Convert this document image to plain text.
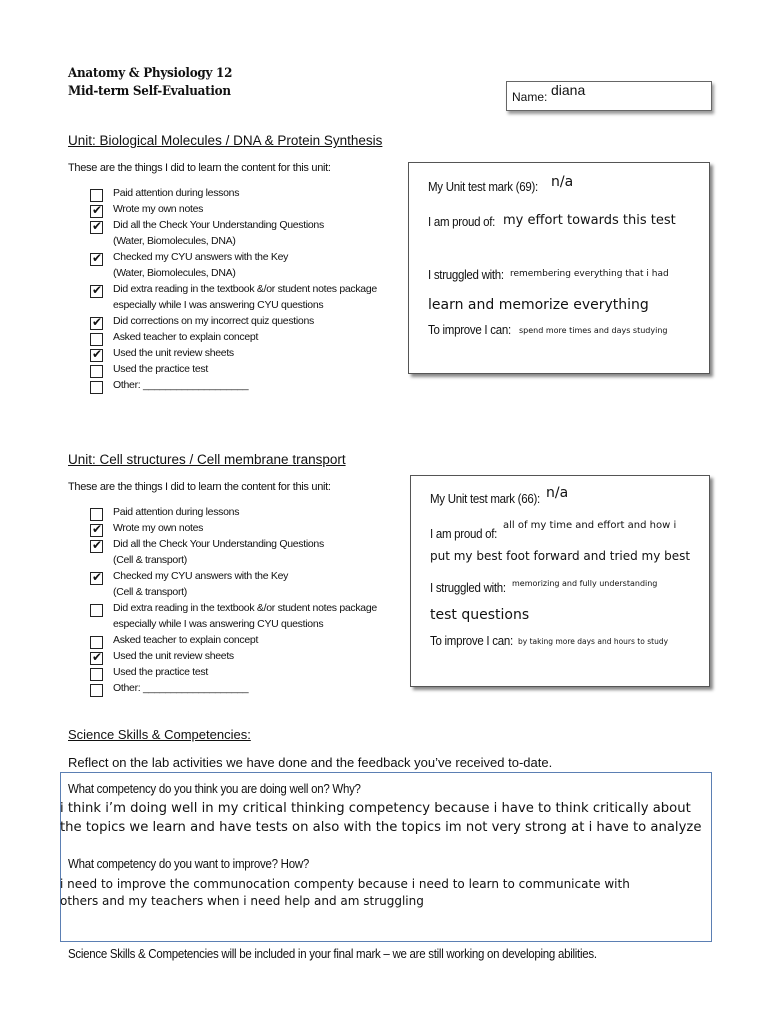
Anatomy & Physiology 12
Mid-term Self-Evaluation	Name: diana
Unit: Biological Molecules / DNA & Protein Synthesis
These are the things I did to learn the content for this unit:
Paid attention during lessons
✔ Wrote my own notes
✔ Did all the Check Your Understanding Questions
(Water, Biomolecules, DNA)
✔ Checked my CYU answers with the Key
(Water, Biomolecules, DNA)
✔ Did extra reading in the textbook &/or student notes package
especially while I was answering CYU questions
✔ Did corrections on my incorrect quiz questions
Asked teacher to explain concept
✔ Used the unit review sheets
Used the practice test
Other: ___________________
My Unit test mark (69): n/a
I am proud of: my effort towards this test
I struggled with: remembering everything that i had
learn and memorize everything
To improve I can: spend more times and days studying
Unit: Cell structures / Cell membrane transport
These are the things I did to learn the content for this unit:
Paid attention during lessons
✔ Wrote my own notes
✔ Did all the Check Your Understanding Questions
(Cell & transport)
✔ Checked my CYU answers with the Key
(Cell & transport)
Did extra reading in the textbook &/or student notes package
especially while I was answering CYU questions
Asked teacher to explain concept
✔ Used the unit review sheets
Used the practice test
Other: ___________________
My Unit test mark (66): n/a
I am proud of:
all of my time and effort and how i
put my best foot forward and tried my best
I struggled with: memorizing and fully understanding
test questions
To improve I can: by taking more days and hours to study
Science Skills & Competencies:
Reflect on the lab activities we have done and the feedback you’ve received to-date.
What competency do you think you are doing well on? Why?
i think i’m doing well in my critical thinking competency because i have to think critically about
the topics we learn and have tests on also with the topics im not very strong at i have to analyze
What competency do you want to improve? How?
i need to improve the communocation compenty because i need to learn to communicate with
others and my teachers when i need help and am struggling
Science Skills & Competencies will be included in your final mark – we are still working on developing abilities.
